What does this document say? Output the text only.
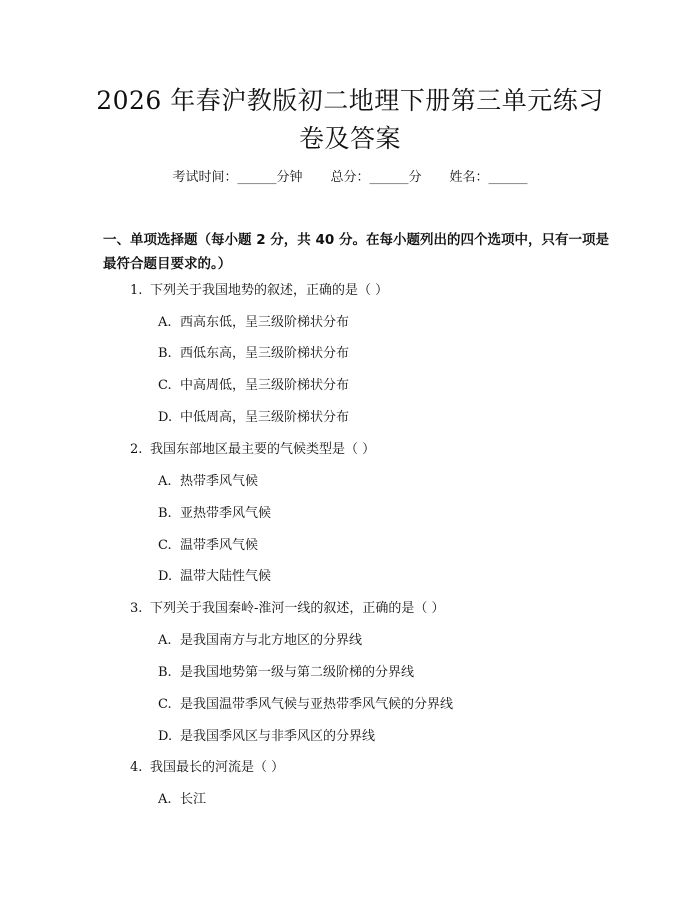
2026 年春沪教版初二地理下册第三单元练习
卷及答案
考试时间：______分钟 总分：______分 姓名：______
一、单项选择题（每小题 2 分，共 40 分。在每小题列出的四个选项中，只有一项是最符合题目要求的。）
1. 下列关于我国地势的叙述，正确的是（ ）
A. 西高东低，呈三级阶梯状分布
B. 西低东高，呈三级阶梯状分布
C. 中高周低，呈三级阶梯状分布
D. 中低周高，呈三级阶梯状分布
2. 我国东部地区最主要的气候类型是（ ）
A. 热带季风气候
B. 亚热带季风气候
C. 温带季风气候
D. 温带大陆性气候
3. 下列关于我国秦岭-淮河一线的叙述，正确的是（ ）
A. 是我国南方与北方地区的分界线
B. 是我国地势第一级与第二级阶梯的分界线
C. 是我国温带季风气候与亚热带季风气候的分界线
D. 是我国季风区与非季风区的分界线
4. 我国最长的河流是（ ）
A. 长江
